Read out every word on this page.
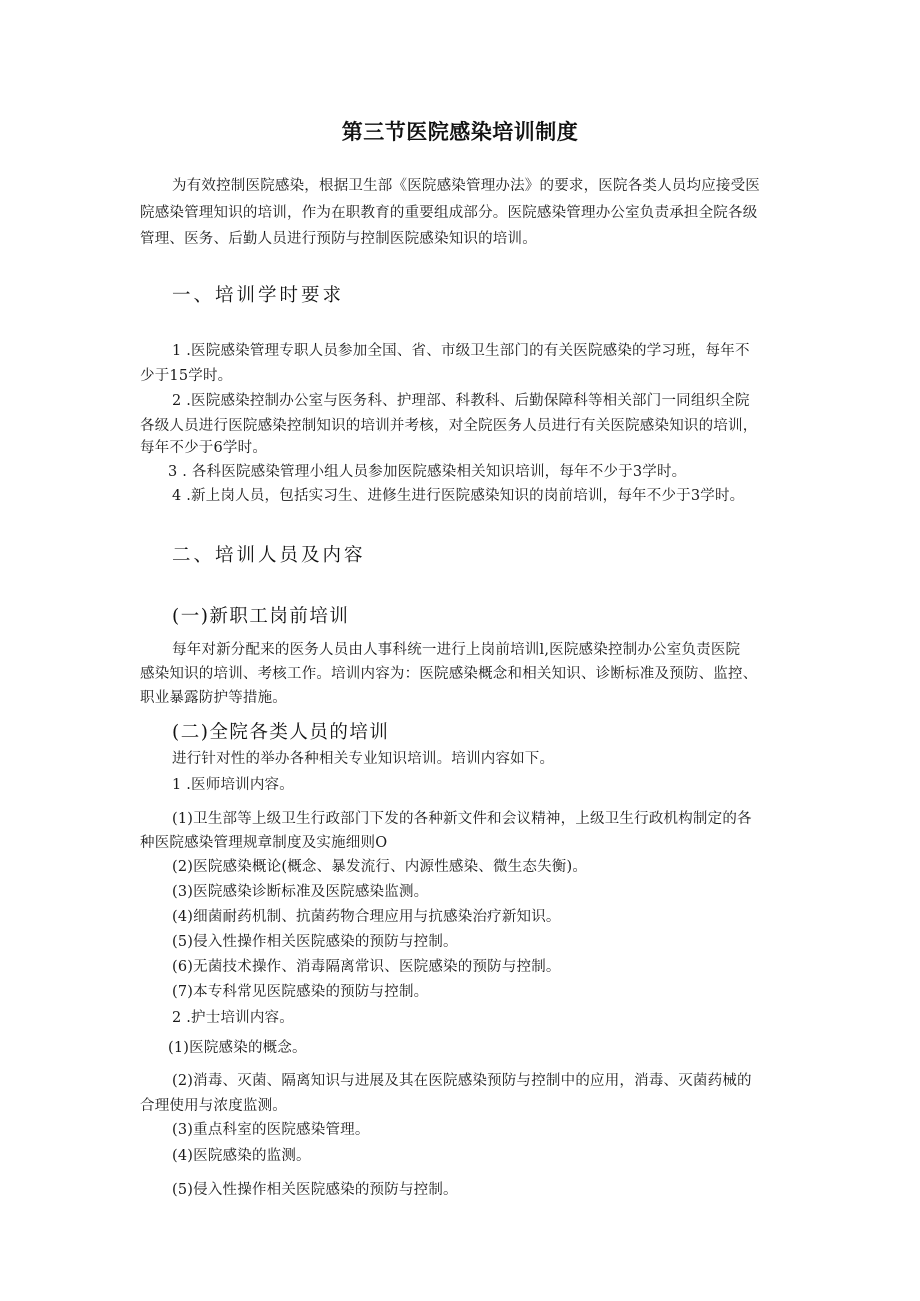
第三节医院感染培训制度
为有效控制医院感染，根据卫生部《医院感染管理办法》的要求，医院各类人员均应接受医
院感染管理知识的培训，作为在职教育的重要组成部分。医院感染管理办公室负责承担全院各级
管理、医务、后勤人员进行预防与控制医院感染知识的培训。
一、培训学时要求
1 .医院感染管理专职人员参加全国、省、市级卫生部门的有关医院感染的学习班，每年不
少于15学时。
2 .医院感染控制办公室与医务科、护理部、科教科、后勤保障科等相关部门一同组织全院
各级人员进行医院感染控制知识的培训并考核，对全院医务人员进行有关医院感染知识的培训，
每年不少于6学时。
3 . 各科医院感染管理小组人员参加医院感染相关知识培训，每年不少于3学时。
4 .新上岗人员，包括实习生、进修生进行医院感染知识的岗前培训，每年不少于3学时。
二、培训人员及内容
(一)新职工岗前培训
每年对新分配来的医务人员由人事科统一进行上岗前培训l,医院感染控制办公室负责医院
感染知识的培训、考核工作。培训内容为：医院感染概念和相关知识、诊断标准及预防、监控、
职业暴露防护等措施。
(二)全院各类人员的培训
进行针对性的举办各种相关专业知识培训。培训内容如下。
1 .医师培训内容。
(1)卫生部等上级卫生行政部门下发的各种新文件和会议精神，上级卫生行政机构制定的各
种医院感染管理规章制度及实施细则O
(2)医院感染概论(概念、暴发流行、内源性感染、微生态失衡)。
(3)医院感染诊断标准及医院感染监测。
(4)细菌耐药机制、抗菌药物合理应用与抗感染治疗新知识。
(5)侵入性操作相关医院感染的预防与控制。
(6)无菌技术操作、消毒隔离常识、医院感染的预防与控制。
(7)本专科常见医院感染的预防与控制。
2 .护士培训内容。
(1)医院感染的概念。
(2)消毒、灭菌、隔离知识与进展及其在医院感染预防与控制中的应用，消毒、灭菌药械的
合理使用与浓度监测。
(3)重点科室的医院感染管理。
(4)医院感染的监测。
(5)侵入性操作相关医院感染的预防与控制。
